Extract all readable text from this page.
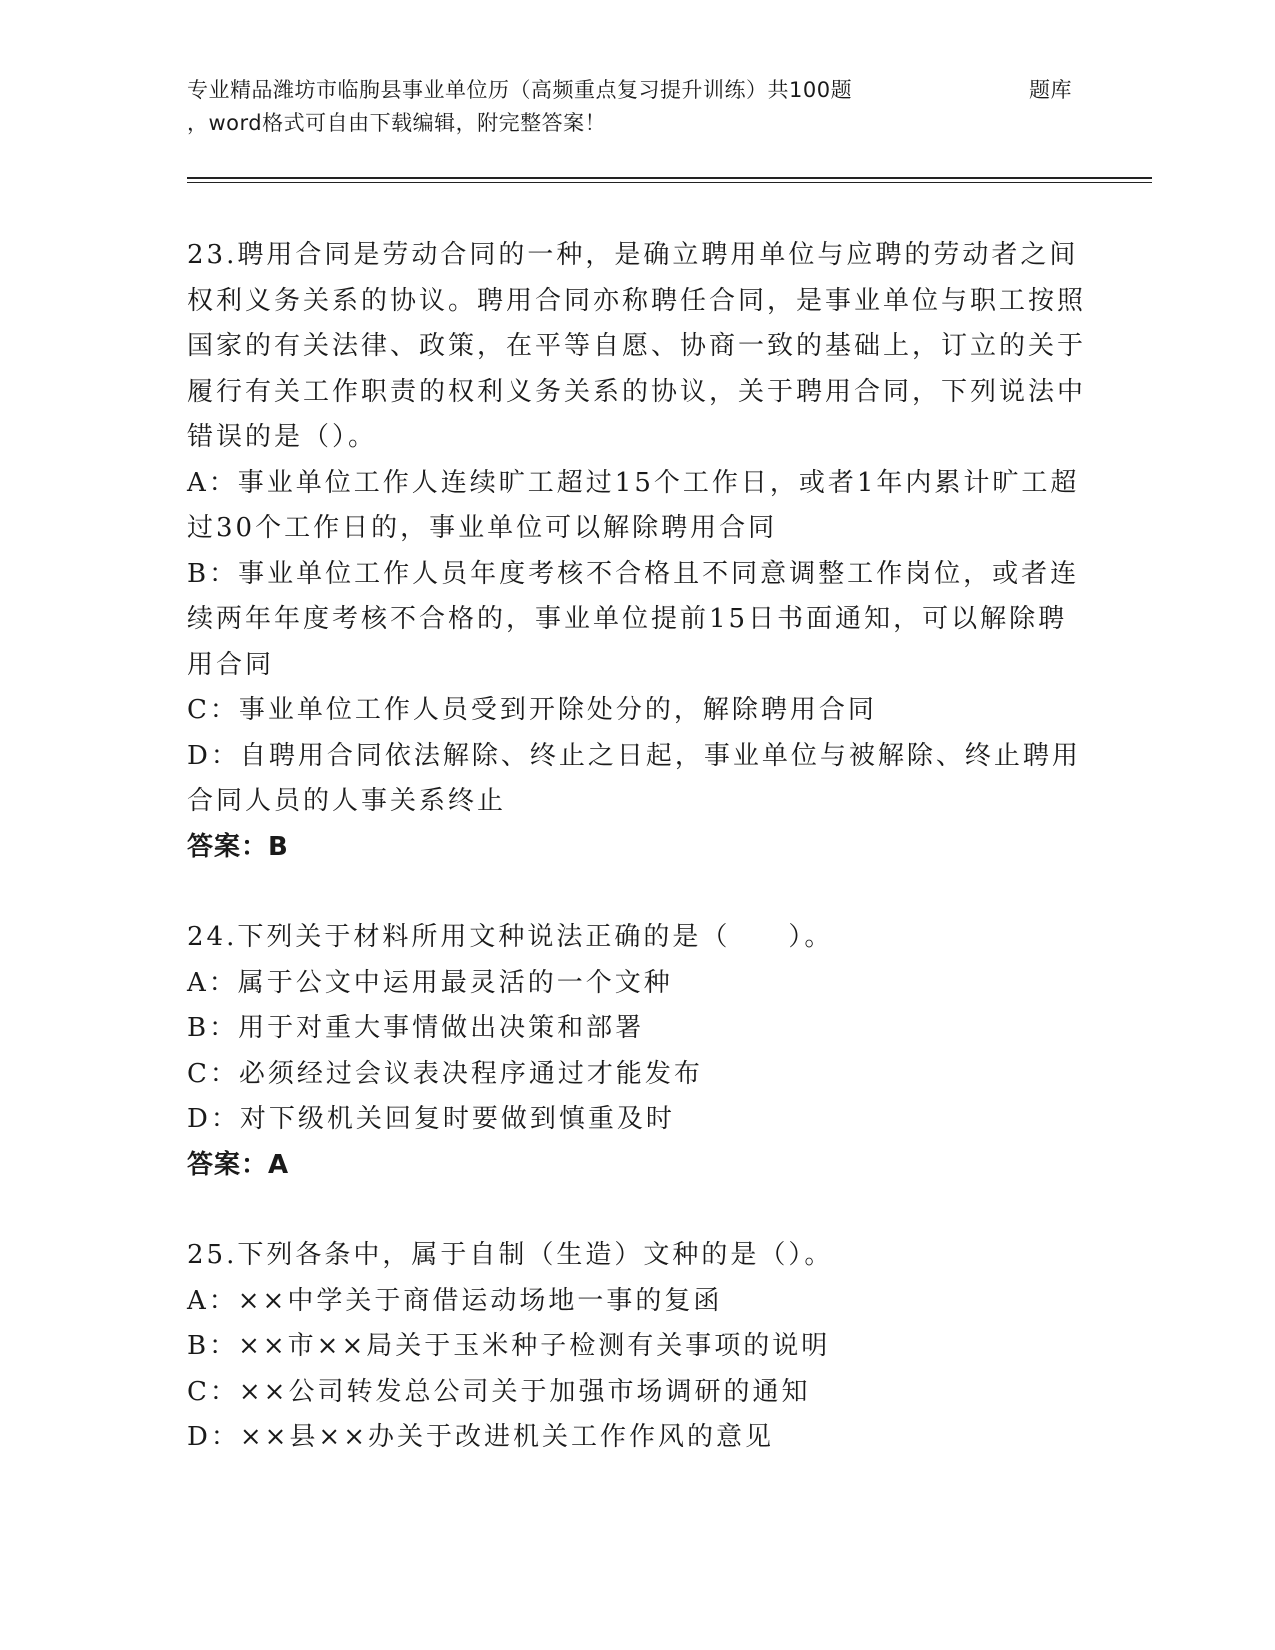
专业精品潍坊市临朐县事业单位历（高频重点复习提升训练）共100题	题库
，word格式可自由下载编辑，附完整答案！

23.聘用合同是劳动合同的一种，是确立聘用单位与应聘的劳动者之间权利义务关系的协议。聘用合同亦称聘任合同，是事业单位与职工按照国家的有关法律、政策，在平等自愿、协商一致的基础上，订立的关于履行有关工作职责的权利义务关系的协议，关于聘用合同，下列说法中错误的是（）。

A：事业单位工作人连续旷工超过15个工作日，或者1年内累计旷工超过30个工作日的，事业单位可以解除聘用合同

B：事业单位工作人员年度考核不合格且不同意调整工作岗位，或者连续两年年度考核不合格的，事业单位提前15日书面通知，可以解除聘用合同

C：事业单位工作人员受到开除处分的，解除聘用合同

D：自聘用合同依法解除、终止之日起，事业单位与被解除、终止聘用合同人员的人事关系终止

答案：B

24.下列关于材料所用文种说法正确的是（　　）。

A：属于公文中运用最灵活的一个文种

B：用于对重大事情做出决策和部署

C：必须经过会议表决程序通过才能发布

D：对下级机关回复时要做到慎重及时

答案：A

25.下列各条中，属于自制（生造）文种的是（）。

A：××中学关于商借运动场地一事的复函

B：××市××局关于玉米种子检测有关事项的说明

C：××公司转发总公司关于加强市场调研的通知

D：××县××办关于改进机关工作作风的意见
